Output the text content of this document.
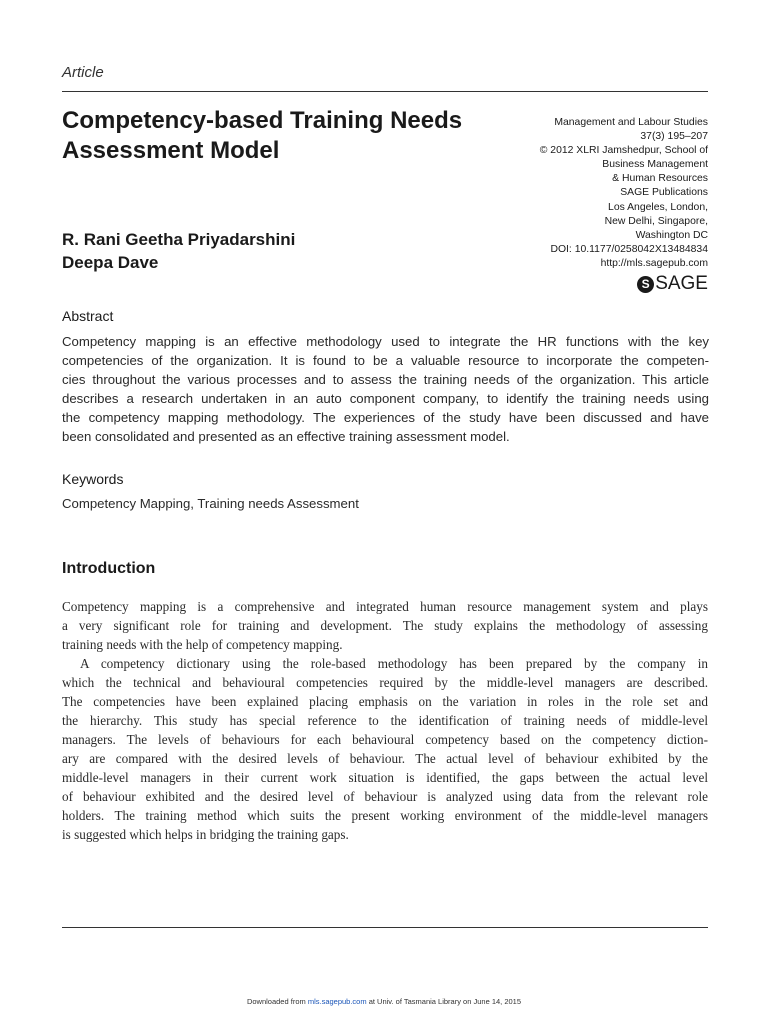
Article
Competency-based Training Needs
Assessment Model
R. Rani Geetha Priyadarshini
Deepa Dave
Management and Labour Studies
37(3) 195–207
© 2012 XLRI Jamshedpur, School of
Business Management
& Human Resources
SAGE Publications
Los Angeles, London,
New Delhi, Singapore,
Washington DC
DOI: 10.1177/0258042X13484834
http://mls.sagepub.com
S SAGE
Abstract

Competency mapping is an effective methodology used to integrate the HR functions with the key
competencies of the organization. It is found to be a valuable resource to incorporate the competen-
cies throughout the various processes and to assess the training needs of the organization. This article
describes a research undertaken in an auto component company, to identify the training needs using
the competency mapping methodology. The experiences of the study have been discussed and have
been consolidated and presented as an effective training assessment model.

Keywords
Competency Mapping, Training needs Assessment
Introduction

Competency mapping is a comprehensive and integrated human resource management system and plays
a very significant role for training and development. The study explains the methodology of assessing
training needs with the help of competency mapping.
A competency dictionary using the role-based methodology has been prepared by the company in
which the technical and behavioural competencies required by the middle-level managers are described.
The competencies have been explained placing emphasis on the variation in roles in the role set and
the hierarchy. This study has special reference to the identification of training needs of middle-level
managers. The levels of behaviours for each behavioural competency based on the competency diction-
ary are compared with the desired levels of behaviour. The actual level of behaviour exhibited by the
middle-level managers in their current work situation is identified, the gaps between the actual level
of behaviour exhibited and the desired level of behaviour is analyzed using data from the relevant role
holders. The training method which suits the present working environment of the middle-level managers
is suggested which helps in bridging the training gaps.

Downloaded from mls.sagepub.com at Univ. of Tasmania Library on June 14, 2015
